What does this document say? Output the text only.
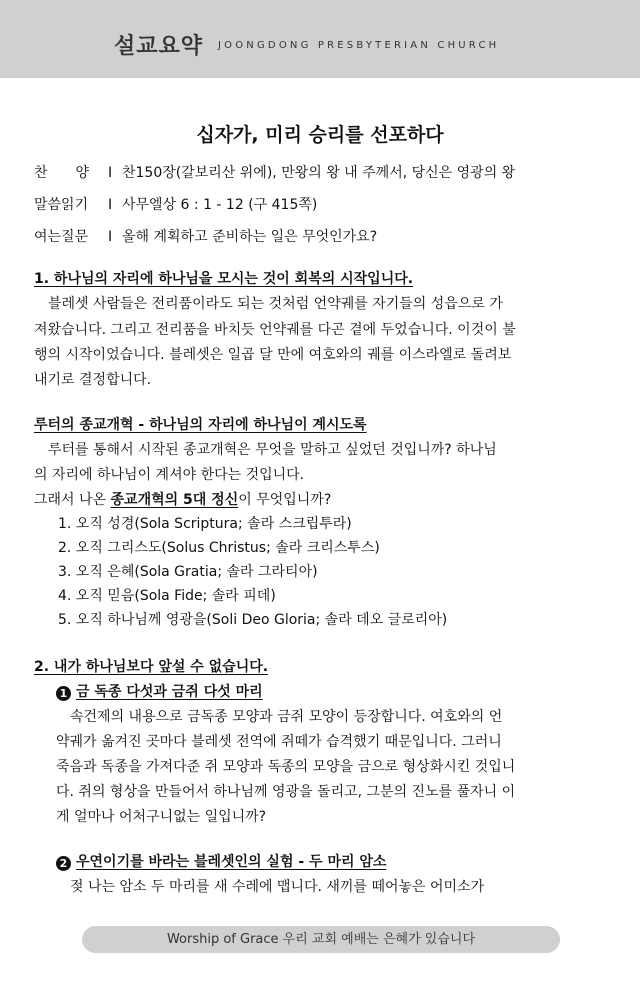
설교요약 JOONGDONG PRESBYTERIAN CHURCH
십자가, 미리 승리를 선포하다
찬　　양 I 찬150장(갈보리산 위에), 만왕의 왕 내 주께서, 당신은 영광의 왕
말씀읽기 I 사무엘상 6 : 1 - 12 (구 415쪽)
여는질문 I 올해 계획하고 준비하는 일은 무엇인가요?
1. 하나님의 자리에 하나님을 모시는 것이 회복의 시작입니다.
　블레셋 사람들은 전리품이라도 되는 것처럼 언약궤를 자기들의 성읍으로 가
져왔습니다. 그리고 전리품을 바치듯 언약궤를 다곤 곁에 두었습니다. 이것이 불
행의 시작이었습니다. 블레셋은 일곱 달 만에 여호와의 궤를 이스라엘로 돌려보
내기로 결정합니다.
루터의 종교개혁 - 하나님의 자리에 하나님이 계시도록
　루터를 통해서 시작된 종교개혁은 무엇을 말하고 싶었던 것입니까? 하나님
의 자리에 하나님이 계셔야 한다는 것입니다.
그래서 나온 종교개혁의 5대 정신이 무엇입니까?
1. 오직 성경(Sola Scriptura; 솔라 스크립투라)
2. 오직 그리스도(Solus Christus; 솔라 크리스투스)
3. 오직 은혜(Sola Gratia; 솔라 그라티아)
4. 오직 믿음(Sola Fide; 솔라 피데)
5. 오직 하나님께 영광을(Soli Deo Gloria; 솔라 데오 글로리아)
2. 내가 하나님보다 앞설 수 없습니다.
1 금 독종 다섯과 금쥐 다섯 마리
　속건제의 내용으로 금독종 모양과 금쥐 모양이 등장합니다. 여호와의 언
약궤가 옮겨진 곳마다 블레셋 전역에 쥐떼가 습격했기 때문입니다. 그러니
죽음과 독종을 가져다준 쥐 모양과 독종의 모양을 금으로 형상화시킨 것입니
다. 쥐의 형상을 만들어서 하나님께 영광을 돌리고, 그분의 진노를 풀자니 이
게 얼마나 어처구니없는 일입니까?
2 우연이기를 바라는 블레셋인의 실험 - 두 마리 암소
　젖 나는 암소 두 마리를 새 수레에 맵니다. 새끼를 떼어놓은 어미소가
Worship of Grace 우리 교회 예배는 은혜가 있습니다
